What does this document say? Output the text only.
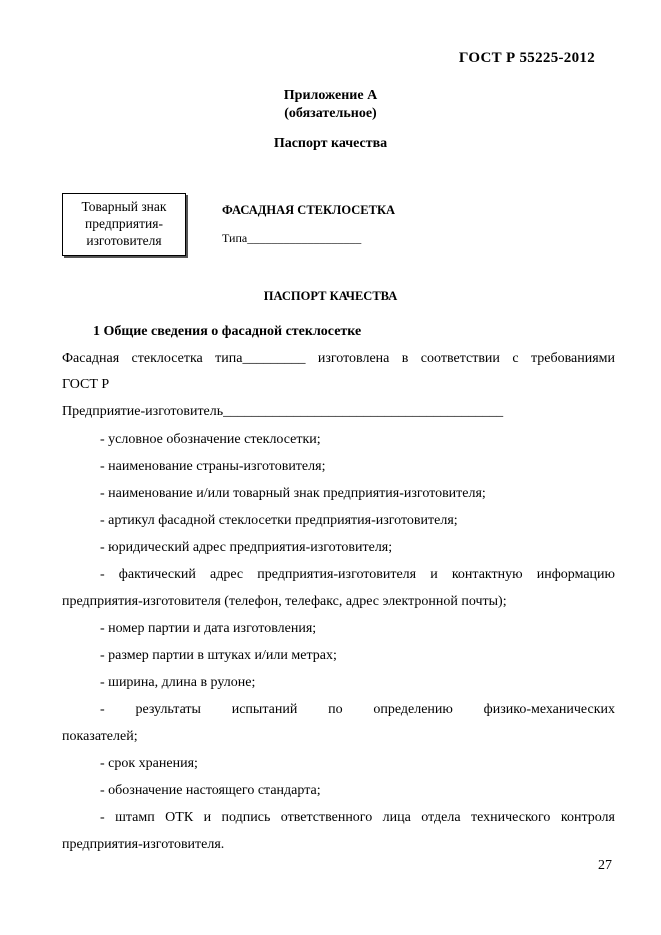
ГОСТ Р 55225-2012
Приложение А
(обязательное)
Паспорт качества
Товарный знак
предприятия-
изготовителя
ФАСАДНАЯ СТЕКЛОСЕТКА
Типа___________________
ПАСПОРТ КАЧЕСТВА
1 Общие сведения о фасадной стеклосетке
Фасадная стеклосетка типа_________ изготовлена в соответствии с требованиями
ГОСТ Р
Предприятие-изготовитель________________________________________
- условное обозначение стеклосетки;
- наименование страны-изготовителя;
- наименование и/или товарный знак предприятия-изготовителя;
- артикул фасадной стеклосетки предприятия-изготовителя;
- юридический адрес предприятия-изготовителя;
- фактический адрес предприятия-изготовителя и контактную информацию
предприятия-изготовителя (телефон, телефакс, адрес электронной почты);
- номер партии и дата изготовления;
- размер партии в штуках и/или метрах;
- ширина, длина в рулоне;
- результаты испытаний по определению физико-механических
показателей;
- срок хранения;
- обозначение настоящего стандарта;
- штамп ОТК и подпись ответственного лица отдела технического контроля
предприятия-изготовителя.
27
